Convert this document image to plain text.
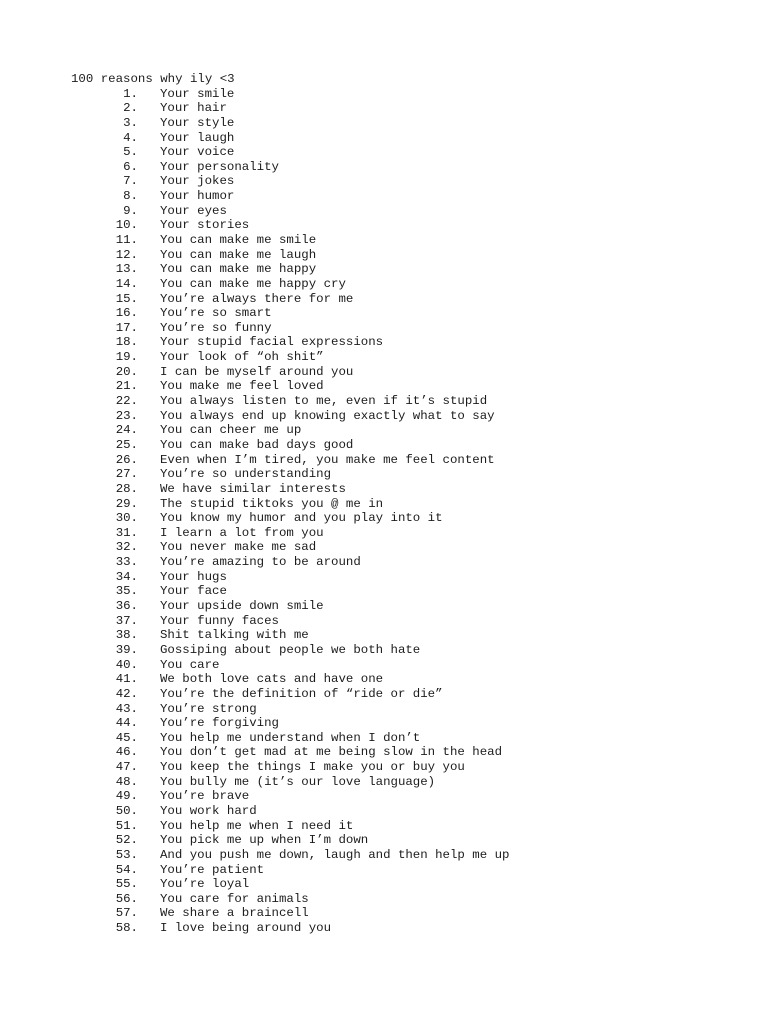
100 reasons why ily <3
1. Your smile
2. Your hair
3. Your style
4. Your laugh
5. Your voice
6. Your personality
7. Your jokes
8. Your humor
9. Your eyes
10. Your stories
11. You can make me smile
12. You can make me laugh
13. You can make me happy
14. You can make me happy cry
15. You’re always there for me
16. You’re so smart
17. You’re so funny
18. Your stupid facial expressions
19. Your look of “oh shit”
20. I can be myself around you
21. You make me feel loved
22. You always listen to me, even if it’s stupid
23. You always end up knowing exactly what to say
24. You can cheer me up
25. You can make bad days good
26. Even when I’m tired, you make me feel content
27. You’re so understanding
28. We have similar interests
29. The stupid tiktoks you @ me in
30. You know my humor and you play into it
31. I learn a lot from you
32. You never make me sad
33. You’re amazing to be around
34. Your hugs
35. Your face
36. Your upside down smile
37. Your funny faces
38. Shit talking with me
39. Gossiping about people we both hate
40. You care
41. We both love cats and have one
42. You’re the definition of “ride or die”
43. You’re strong
44. You’re forgiving
45. You help me understand when I don’t
46. You don’t get mad at me being slow in the head
47. You keep the things I make you or buy you
48. You bully me (it’s our love language)
49. You’re brave
50. You work hard
51. You help me when I need it
52. You pick me up when I’m down
53. And you push me down, laugh and then help me up
54. You’re patient
55. You’re loyal
56. You care for animals
57. We share a braincell
58. I love being around you
